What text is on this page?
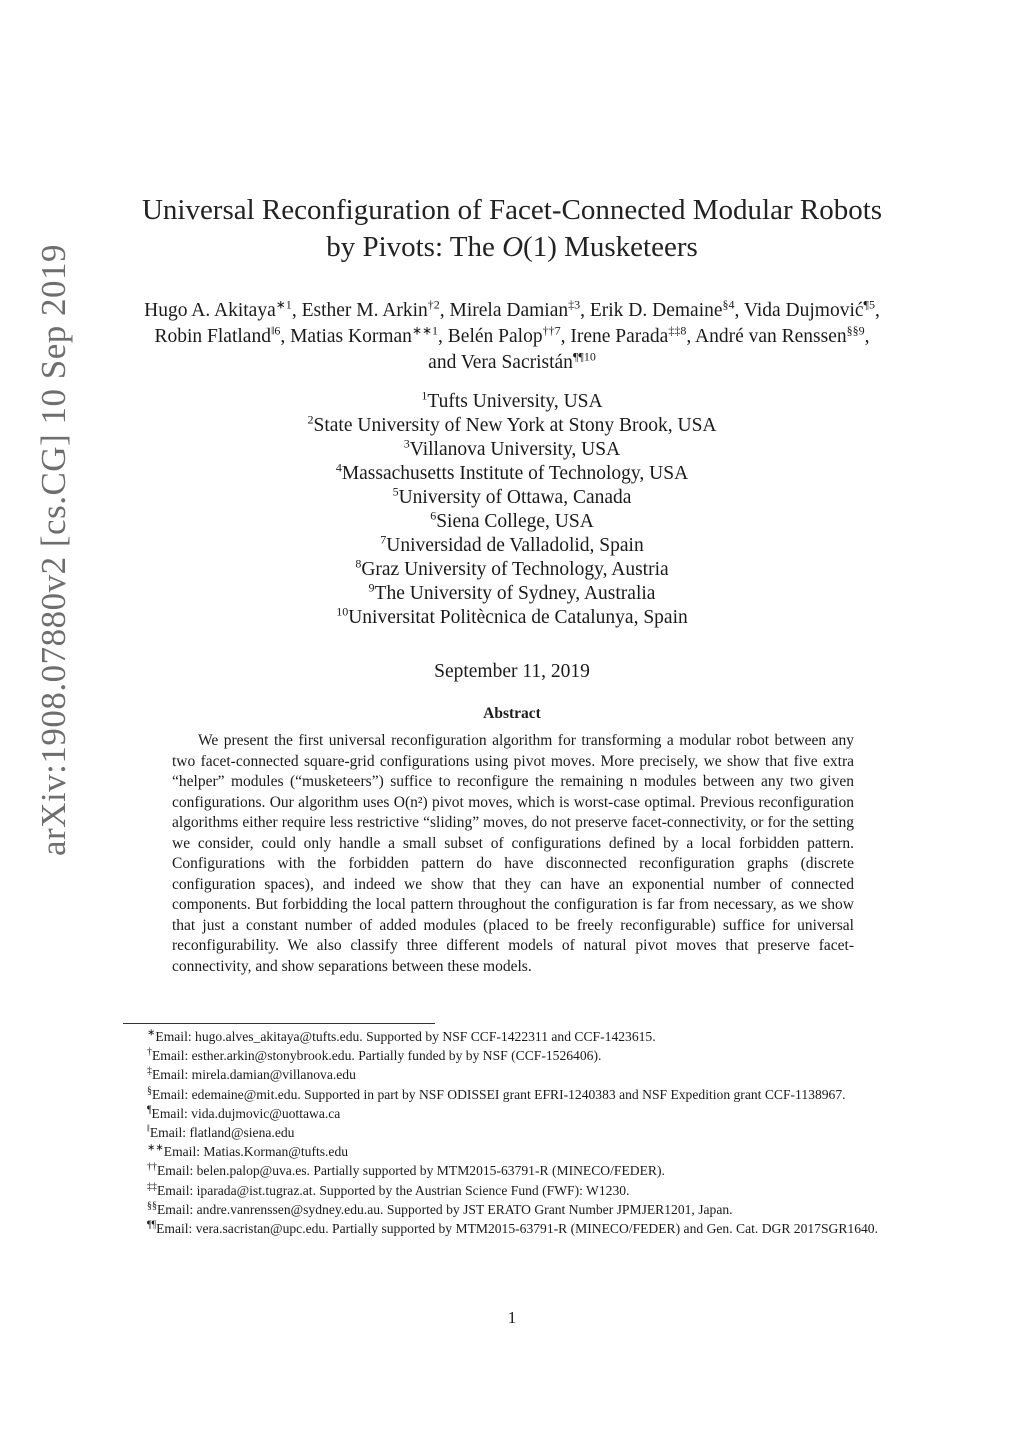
arXiv:1908.07880v2 [cs.CG] 10 Sep 2019
Universal Reconfiguration of Facet-Connected Modular Robots
by Pivots: The O(1) Musketeers
Hugo A. Akitaya$^{∗1}$, Esther M. Arkin$^{\dagger 2}$, Mirela Damian$^{\ddagger 3}$, Erik D. Demaine$^{\S 4}$, Vida Dujmović$^{\P 5}$, Robin Flatland$^{‖6}$, Matias Korman$^{∗∗1}$, Belén Palop$^{\dagger\dagger 7}$, Irene Parada$^{\ddagger\ddagger 8}$, André van Renssen$^{\S\S 9}$, and Vera Sacristán$^{\P\P 10}$
$^1$Tufts University, USA
$^2$State University of New York at Stony Brook, USA
$^3$Villanova University, USA
$^4$Massachusetts Institute of Technology, USA
$^5$University of Ottawa, Canada
$^6$Siena College, USA
$^7$Universidad de Valladolid, Spain
$^8$Graz University of Technology, Austria
$^9$The University of Sydney, Australia
$^{10}$Universitat Politècnica de Catalunya, Spain
September 11, 2019
Abstract
We present the first universal reconfiguration algorithm for transforming a modular robot between any two facet-connected square-grid configurations using pivot moves. More precisely, we show that five extra “helper” modules (“musketeers”) suffice to reconfigure the remaining n modules between any two given configurations. Our algorithm uses O(n²) pivot moves, which is worst-case optimal. Previous reconfiguration algorithms either require less restrictive “sliding” moves, do not preserve facet-connectivity, or for the setting we consider, could only handle a small subset of configurations defined by a local forbidden pattern. Configurations with the forbidden pattern do have disconnected reconfiguration graphs (discrete configuration spaces), and indeed we show that they can have an exponential number of connected components. But forbidding the local pattern throughout the configuration is far from necessary, as we show that just a constant number of added modules (placed to be freely reconfigurable) suffice for universal reconfigurability. We also classify three different models of natural pivot moves that preserve facet-connectivity, and show separations between these models.
∗Email: hugo.alves_akitaya@tufts.edu. Supported by NSF CCF-1422311 and CCF-1423615.
†Email: esther.arkin@stonybrook.edu. Partially funded by by NSF (CCF-1526406).
‡Email: mirela.damian@villanova.edu
§Email: edemaine@mit.edu. Supported in part by NSF ODISSEI grant EFRI-1240383 and NSF Expedition grant CCF-1138967.
¶Email: vida.dujmovic@uottawa.ca
‖Email: flatland@siena.edu
∗∗Email: Matias.Korman@tufts.edu
††Email: belen.palop@uva.es. Partially supported by MTM2015-63791-R (MINECO/FEDER).
‡‡Email: iparada@ist.tugraz.at. Supported by the Austrian Science Fund (FWF): W1230.
§§Email: andre.vanrenssen@sydney.edu.au. Supported by JST ERATO Grant Number JPMJER1201, Japan.
¶¶Email: vera.sacristan@upc.edu. Partially supported by MTM2015-63791-R (MINECO/FEDER) and Gen. Cat. DGR 2017SGR1640.
1
